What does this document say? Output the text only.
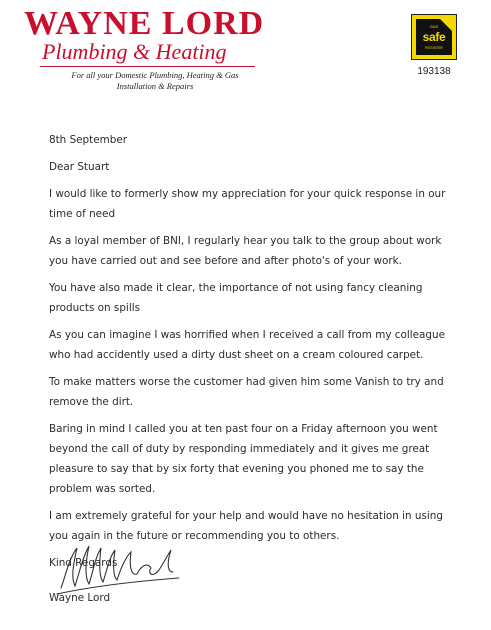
WAYNE LORD
Plumbing & Heating
For all your Domestic Plumbing, Heating & Gas
Installation & Repairs
GAS
safe
REGISTER
193138

8th September

Dear Stuart

I would like to formerly show my appreciation for your quick response in our time of need

As a loyal member of BNI, I regularly hear you talk to the group about work you have carried out and see before and after photo's of your work.

You have also made it clear, the importance of not using fancy cleaning products on spills

As you can imagine I was horrified when I received a call from my colleague who had accidently used a dirty dust sheet on a cream coloured carpet.

To make matters worse the customer had given him some Vanish to try and remove the dirt.

Baring in mind I called you at ten past four on a Friday afternoon you went beyond the call of duty by responding immediately and it gives me great pleasure to say that by six forty that evening you phoned me to say the problem was sorted.

I am extremely grateful for your help and would have no hesitation in using you again in the future or recommending you to others.

Kind Regards

Wayne Lord
